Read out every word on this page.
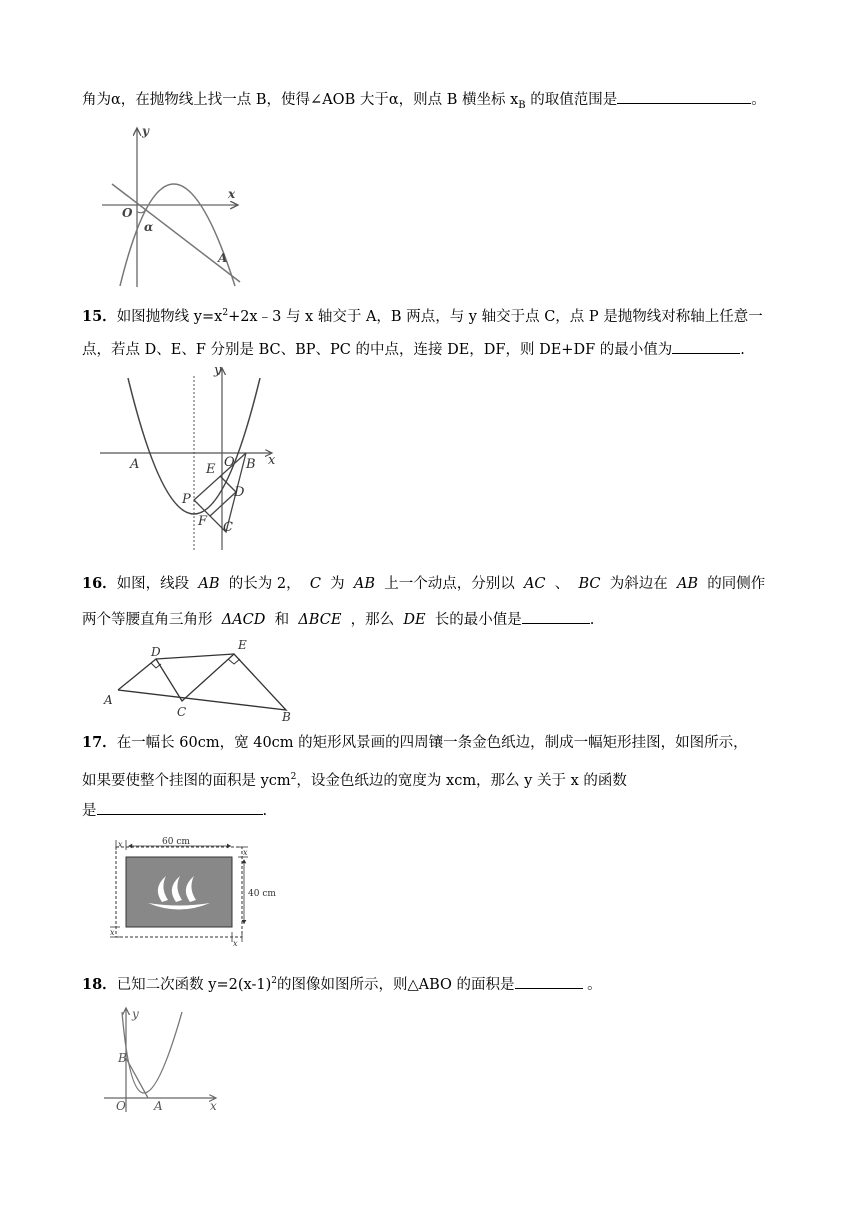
角为α，在抛物线上找一点 B，使得∠AOB 大于α，则点 B 横坐标 $x_B$ 的取值范围是	。
y
x
O
α
A
15．如图抛物线 $y=x^2+2x﹣3$ 与 x 轴交于 A，B 两点，与 y 轴交于点 C，点 P 是抛物线对称轴上任意一
点，若点 D、E、F 分别是 BC、BP、PC 的中点，连接 DE，DF，则 DE+DF 的最小值为	.
y
x
A	B
O
E
D
P
F C
16．如图，线段 AB 的长为 2， C 为 AB 上一个动点，分别以 AC 、 BC 为斜边在 AB 的同侧作
两个等腰直角三角形 ΔACD 和 ΔBCE ，那么 DE 长的最小值是	.
D	E
A
C	B
17．在一幅长 60cm，宽 40cm 的矩形风景画的四周镶一条金色纸边，制成一幅矩形挂图，如图所示，
如果要使整个挂图的面积是 ycm$^2$，设金色纸边的宽度为 xcm，那么 y 关于 x 的函数
是	.
60 cm
40 cm
x
x
x
x
18．已知二次函数 $y=2(x-1)^2$的图像如图所示，则△ABO 的面积是	。
y
x
B
O A
